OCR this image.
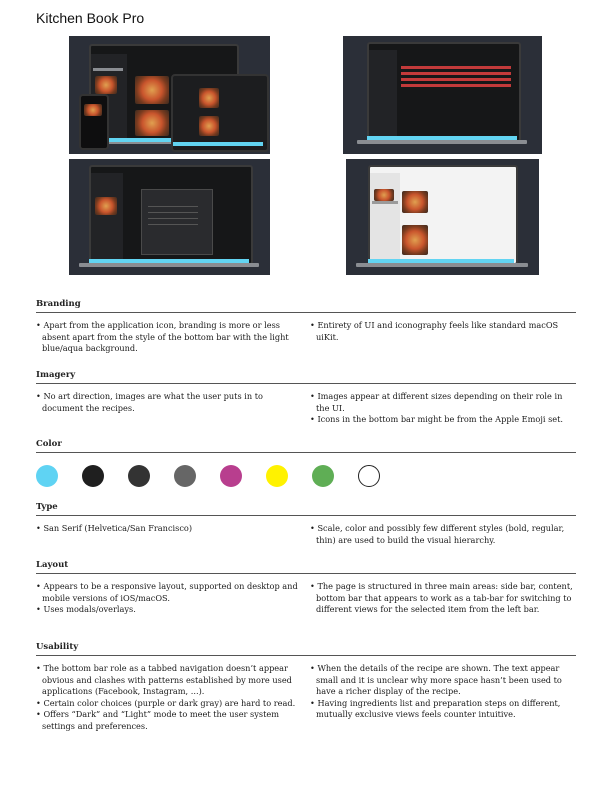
Kitchen Book Pro
Branding
• Apart from the application icon, branding is more or less absent apart from the style of the bottom bar with the light blue/aqua background.
• Entirety of UI and iconography feels like standard macOS uiKit.
Imagery
• No art direction, images are what the user puts in to document the recipes.
• Images appear at different sizes depending on their role in the UI.
• Icons in the bottom bar might be from the Apple Emoji set.
Color
Type
• San Serif (Helvetica/San Francisco)
•	Scale, color and possibly few different styles (bold, regular, thin) are used to build the visual hierarchy.
Layout
• Appears to be a responsive layout, supported on desktop and mobile versions of iOS/macOS.
• Uses modals/overlays.
• The page is structured in three main areas: side bar, content, bottom bar that appears to work as a tab-bar for switching to different views for the selected item from the left bar.
Usability
• The bottom bar role as a tabbed navigation doesn’t appear obvious and clashes with patterns established by more used applications (Facebook, Instagram, ...).
• Certain color choices (purple or dark gray) are hard to read.
• Offers “Dark” and “Light” mode to meet the user system settings and preferences.
• When the details of the recipe are shown. The text appear small and it is unclear why more space hasn’t been used to have a richer display of the recipe.
• Having ingredients list and preparation steps on different, mutually exclusive views feels counter intuitive.
